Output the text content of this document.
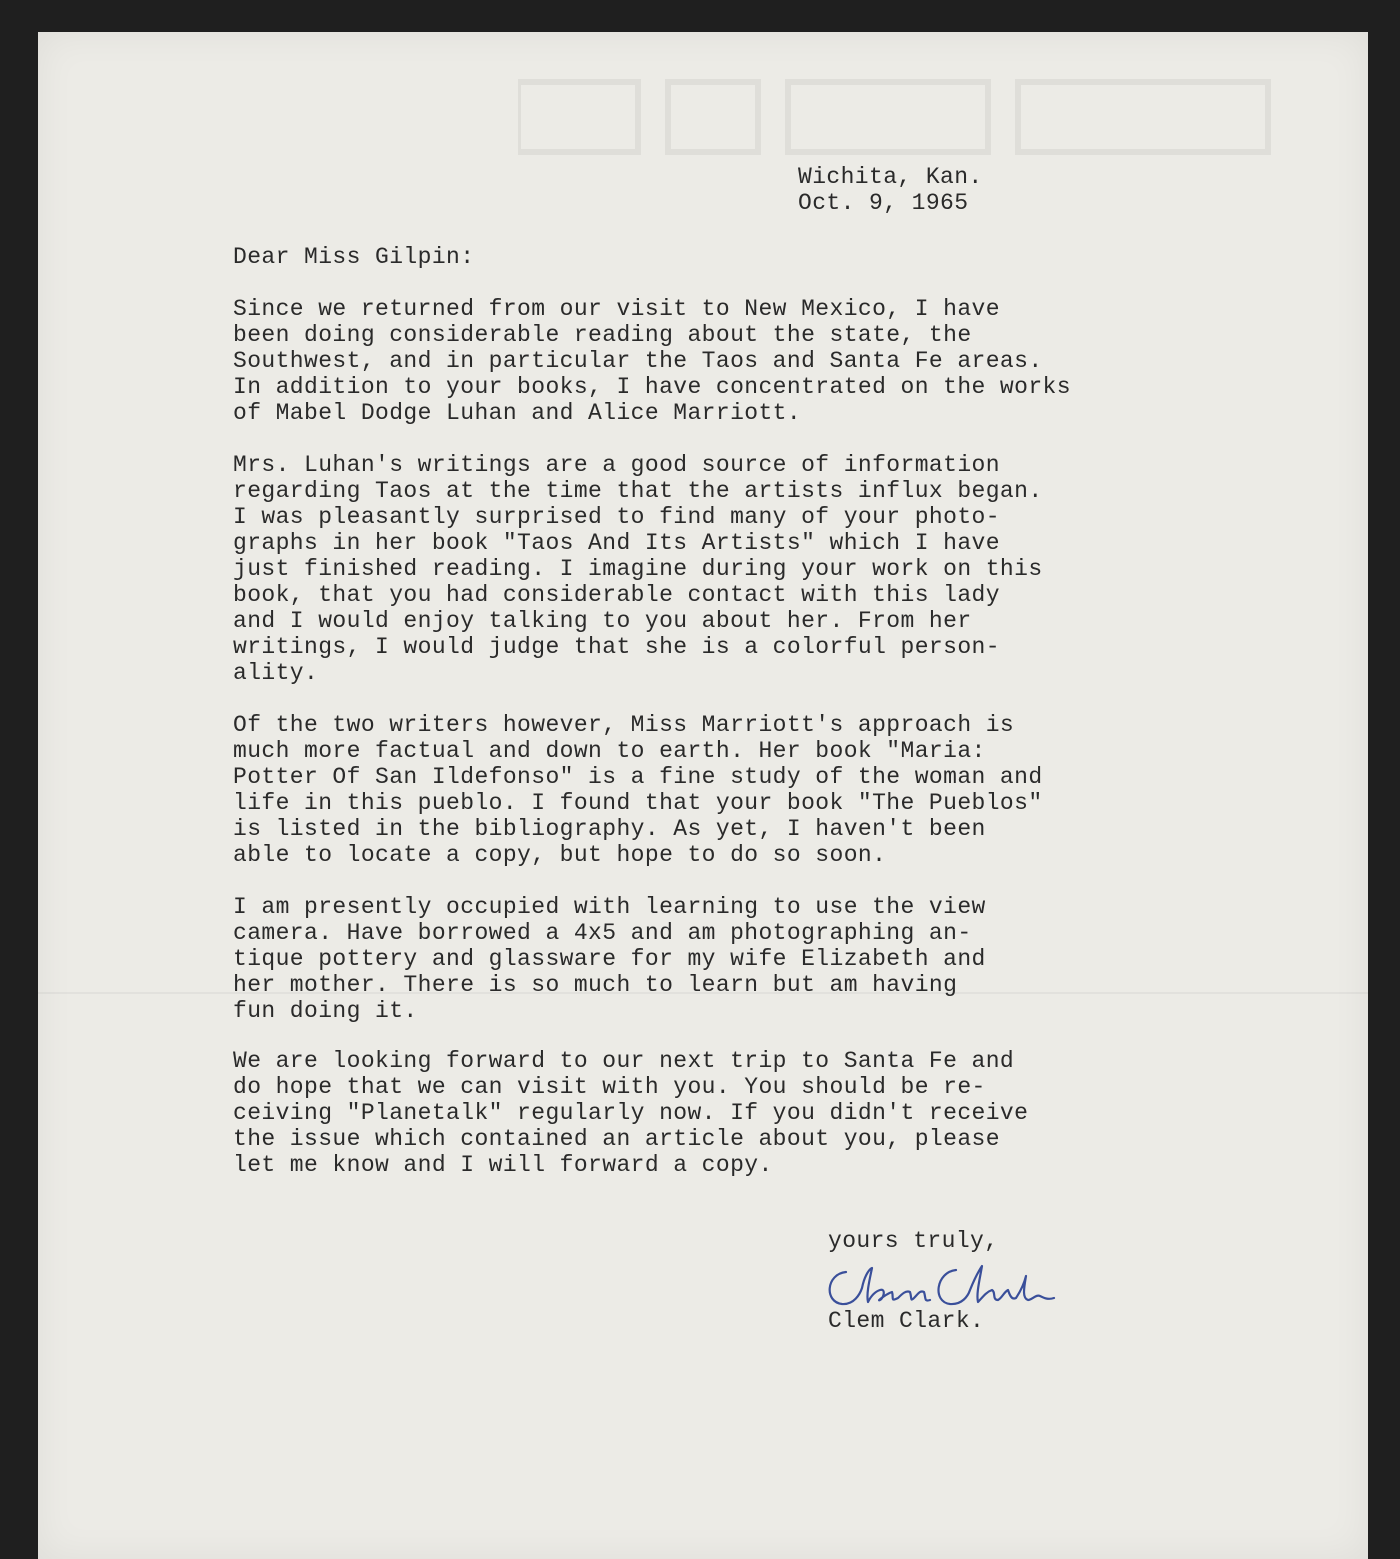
Wichita, Kan.
Oct. 9, 1965

Dear Miss Gilpin:

Since we returned from our visit to New Mexico, I have
been doing considerable reading about the state, the
Southwest, and in particular the Taos and Santa Fe areas.
In addition to your books, I have concentrated on the works
of Mabel Dodge Luhan and Alice Marriott.

Mrs. Luhan's writings are a good source of information
regarding Taos at the time that the artists influx began.
I was pleasantly surprised to find many of your photo-
graphs in her book "Taos And Its Artists" which I have
just finished reading. I imagine during your work on this
book, that you had considerable contact with this lady
and I would enjoy talking to you about her. From her
writings, I would judge that she is a colorful person-
ality.

Of the two writers however, Miss Marriott's approach is
much more factual and down to earth. Her book "Maria:
Potter Of San Ildefonso" is a fine study of the woman and
life in this pueblo. I found that your book "The Pueblos"
is listed in the bibliography. As yet, I haven't been
able to locate a copy, but hope to do so soon.

I am presently occupied with learning to use the view
camera. Have borrowed a 4x5 and am photographing an-
tique pottery and glassware for my wife Elizabeth and
her mother. There is so much to learn but am having
fun doing it.

We are looking forward to our next trip to Santa Fe and
do hope that we can visit with you. You should be re-
ceiving "Planetalk" regularly now. If you didn't receive
the issue which contained an article about you, please
let me know and I will forward a copy.

yours truly,

Clem Clark.
